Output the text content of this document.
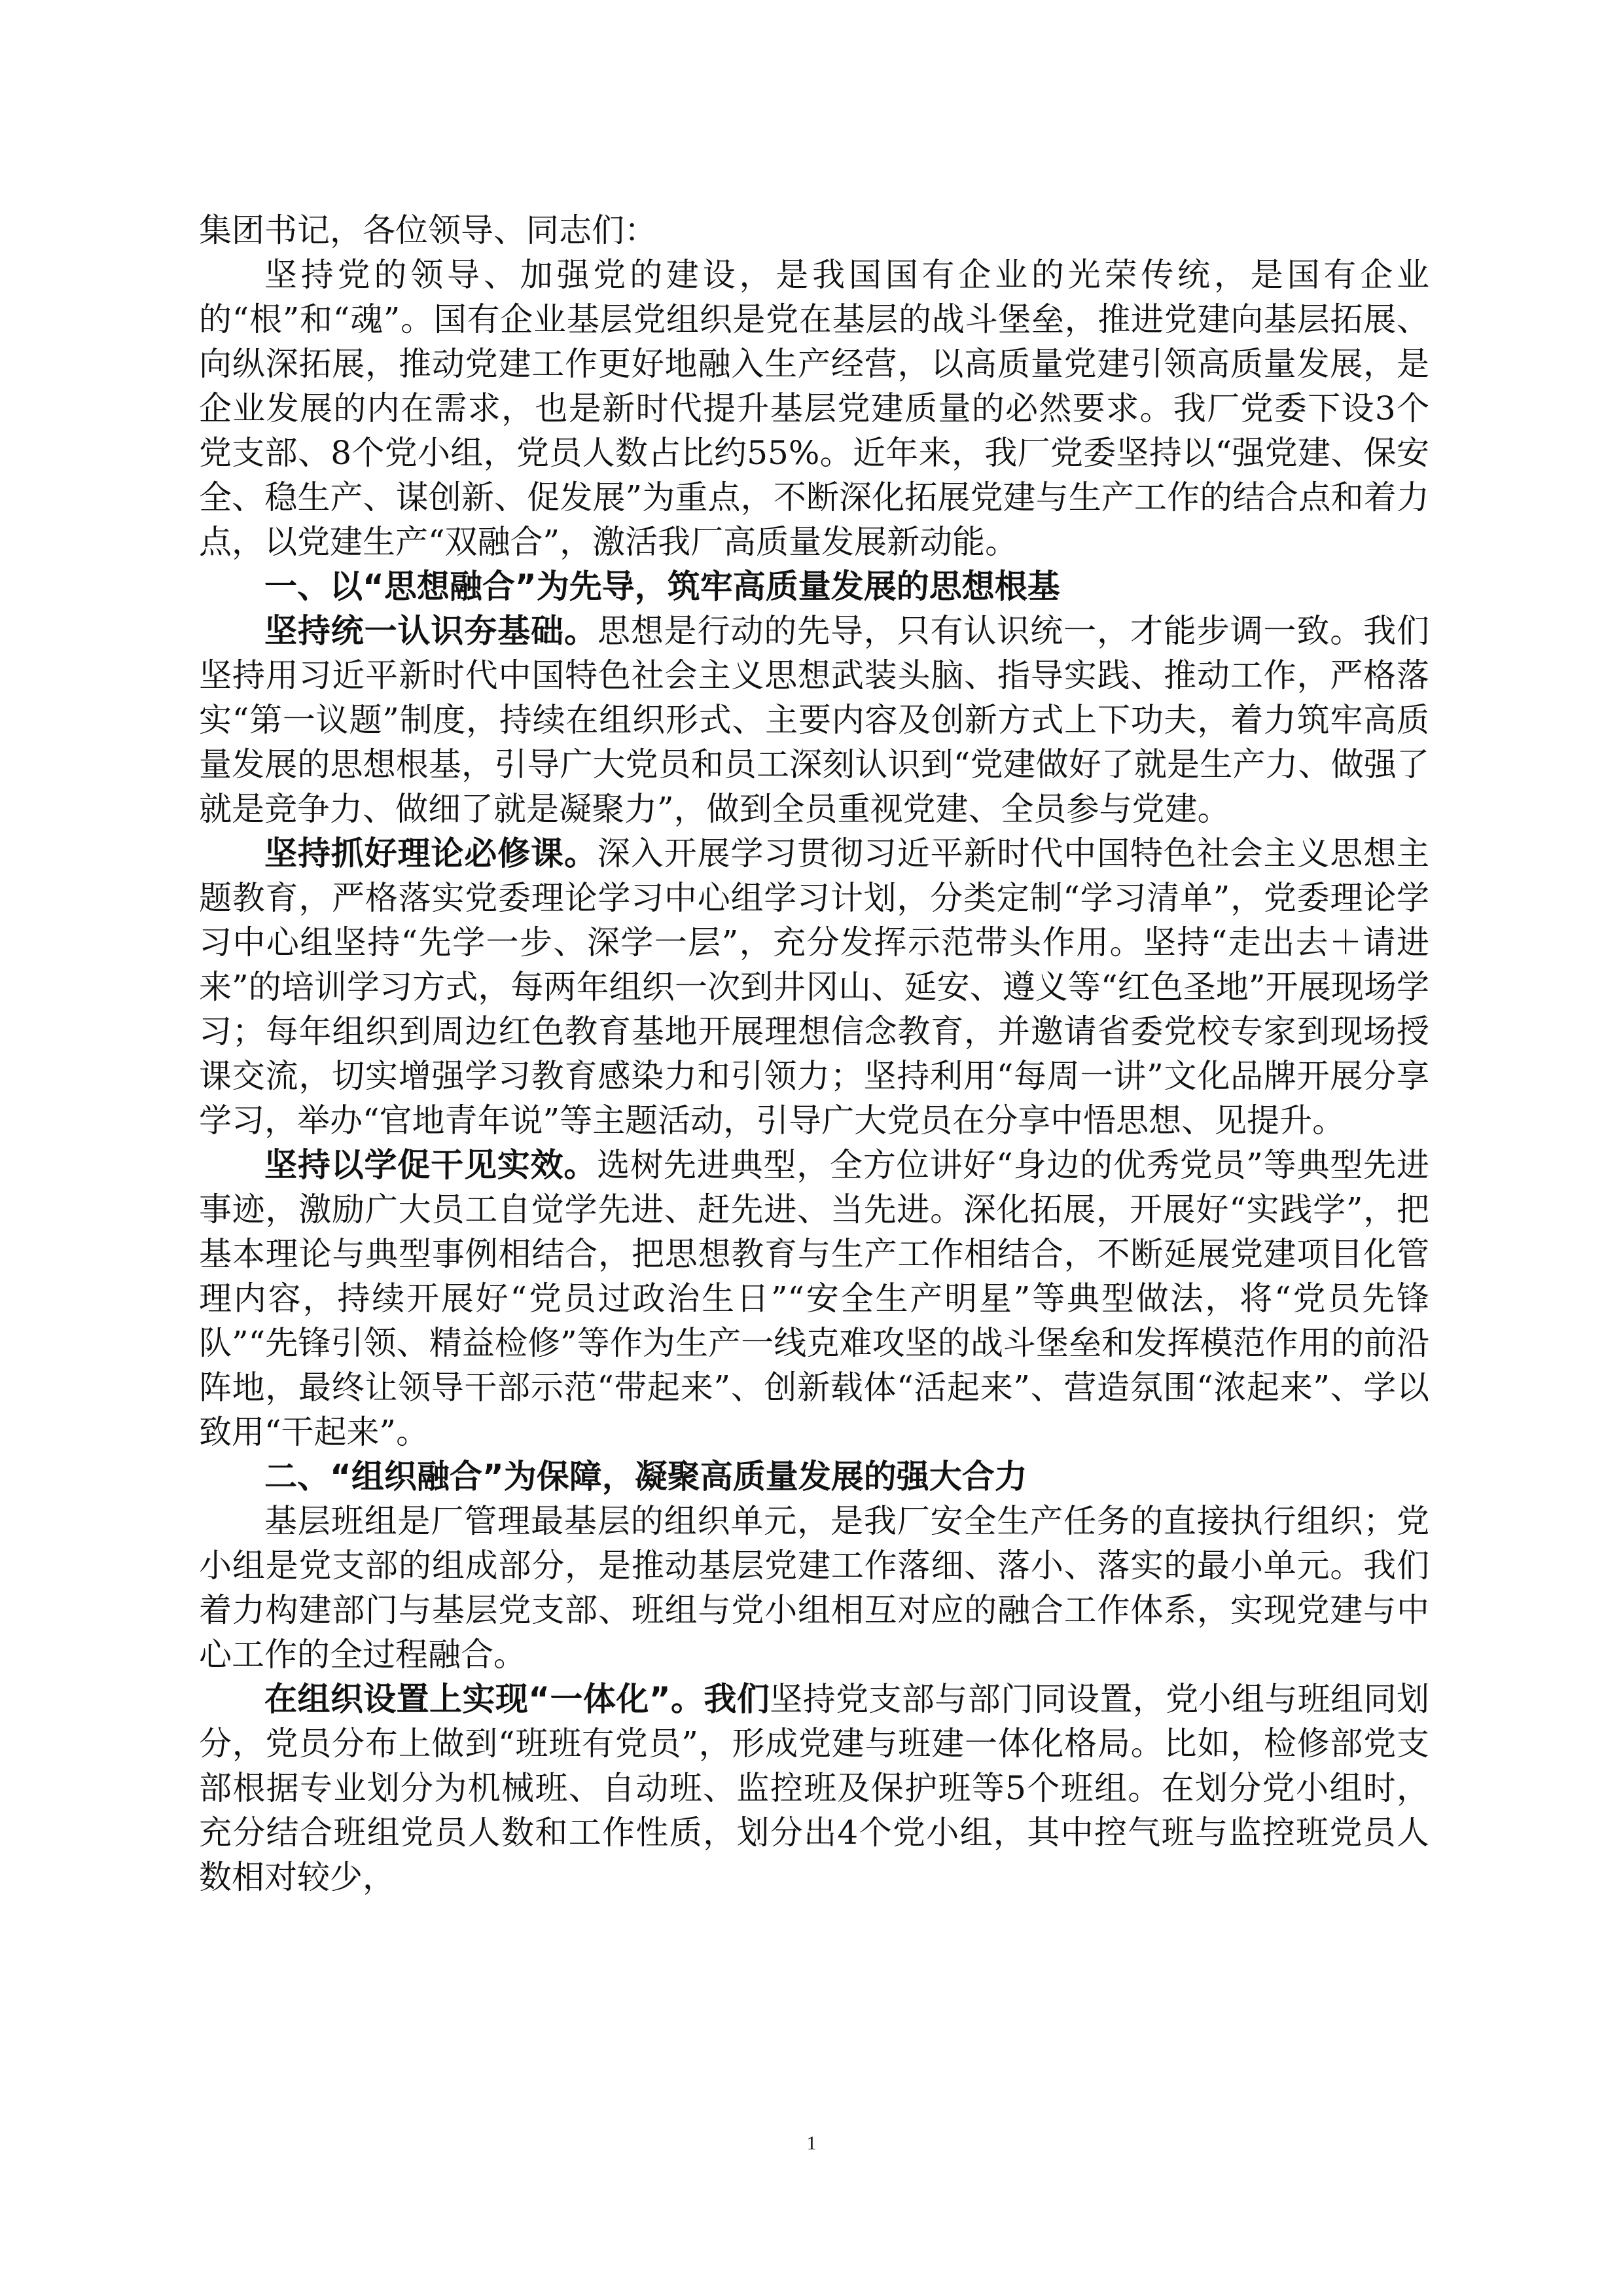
集团书记，各位领导、同志们：

坚持党的领导、加强党的建设，是我国国有企业的光荣传统，是国有企业的“根”和“魂”。国有企业基层党组织是党在基层的战斗堡垒，推进党建向基层拓展、向纵深拓展，推动党建工作更好地融入生产经营，以高质量党建引领高质量发展，是企业发展的内在需求，也是新时代提升基层党建质量的必然要求。我厂党委下设3个党支部、8个党小组，党员人数占比约55%。近年来，我厂党委坚持以“强党建、保安全、稳生产、谋创新、促发展”为重点，不断深化拓展党建与生产工作的结合点和着力点，以党建生产“双融合”，激活我厂高质量发展新动能。

一、以“思想融合”为先导，筑牢高质量发展的思想根基

坚持统一认识夯基础。思想是行动的先导，只有认识统一，才能步调一致。我们坚持用习近平新时代中国特色社会主义思想武装头脑、指导实践、推动工作，严格落实“第一议题”制度，持续在组织形式、主要内容及创新方式上下功夫，着力筑牢高质量发展的思想根基，引导广大党员和员工深刻认识到“党建做好了就是生产力、做强了就是竞争力、做细了就是凝聚力”，做到全员重视党建、全员参与党建。

坚持抓好理论必修课。深入开展学习贯彻习近平新时代中国特色社会主义思想主题教育，严格落实党委理论学习中心组学习计划，分类定制“学习清单”，党委理论学习中心组坚持“先学一步、深学一层”，充分发挥示范带头作用。坚持“走出去＋请进来”的培训学习方式，每两年组织一次到井冈山、延安、遵义等“红色圣地”开展现场学习；每年组织到周边红色教育基地开展理想信念教育，并邀请省委党校专家到现场授课交流，切实增强学习教育感染力和引领力；坚持利用“每周一讲”文化品牌开展分享学习，举办“官地青年说”等主题活动，引导广大党员在分享中悟思想、见提升。

坚持以学促干见实效。选树先进典型，全方位讲好“身边的优秀党员”等典型先进事迹，激励广大员工自觉学先进、赶先进、当先进。深化拓展，开展好“实践学”，把基本理论与典型事例相结合，把思想教育与生产工作相结合，不断延展党建项目化管理内容，持续开展好“党员过政治生日”“安全生产明星”等典型做法，将“党员先锋队”“先锋引领、精益检修”等作为生产一线克难攻坚的战斗堡垒和发挥模范作用的前沿阵地，最终让领导干部示范“带起来”、创新载体“活起来”、营造氛围“浓起来”、学以致用“干起来”。

二、“组织融合”为保障，凝聚高质量发展的强大合力

基层班组是厂管理最基层的组织单元，是我厂安全生产任务的直接执行组织；党小组是党支部的组成部分，是推动基层党建工作落细、落小、落实的最小单元。我们着力构建部门与基层党支部、班组与党小组相互对应的融合工作体系，实现党建与中心工作的全过程融合。

在组织设置上实现“一体化”。我们坚持党支部与部门同设置，党小组与班组同划分，党员分布上做到“班班有党员”，形成党建与班建一体化格局。比如，检修部党支部根据专业划分为机械班、自动班、监控班及保护班等5个班组。在划分党小组时，充分结合班组党员人数和工作性质，划分出4个党小组，其中控气班与监控班党员人数相对较少，

1
